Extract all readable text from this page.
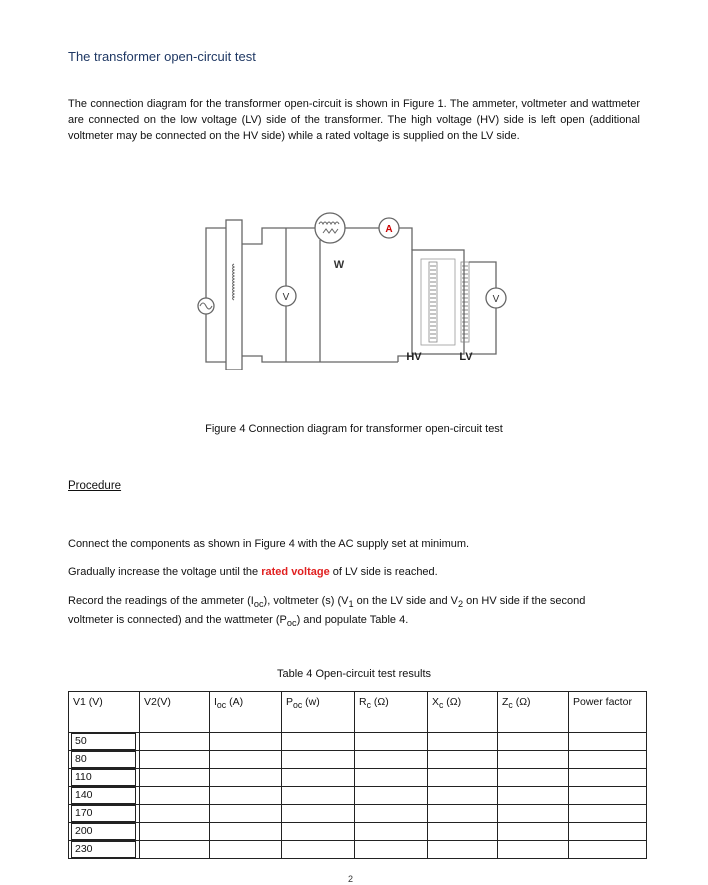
The transformer open-circuit test
The connection diagram for the transformer open-circuit is shown in Figure 1. The ammeter, voltmeter and wattmeter are connected on the low voltage (LV) side of the transformer. The high voltage (HV) side is left open (additional voltmeter may be connected on the HV side) while a rated voltage is supplied on the LV side.
V
W
A
V
HV	LV
Figure 4 Connection diagram for transformer open-circuit test
Procedure
Connect the components as shown in Figure 4 with the AC supply set at minimum.
Gradually increase the voltage until the rated voltage of LV side is reached.
Record the readings of the ammeter $(I_{oc})$, voltmeter (s) ($V_1$ on the LV side and $V_2$ on HV side if the second voltmeter is connected) and the wattmeter $(P_{oc})$ and populate Table 4.
Table 4 Open-circuit test results
V1 (V)	V2(V)	$I_{oc}$ (A)	$P_{oc}$ (w)	$R_c$ (Ω)	$X_c$ (Ω)	$Z_c$ (Ω)	Power factor

50							

80							

110							

140							

170							

200							

230							

2
